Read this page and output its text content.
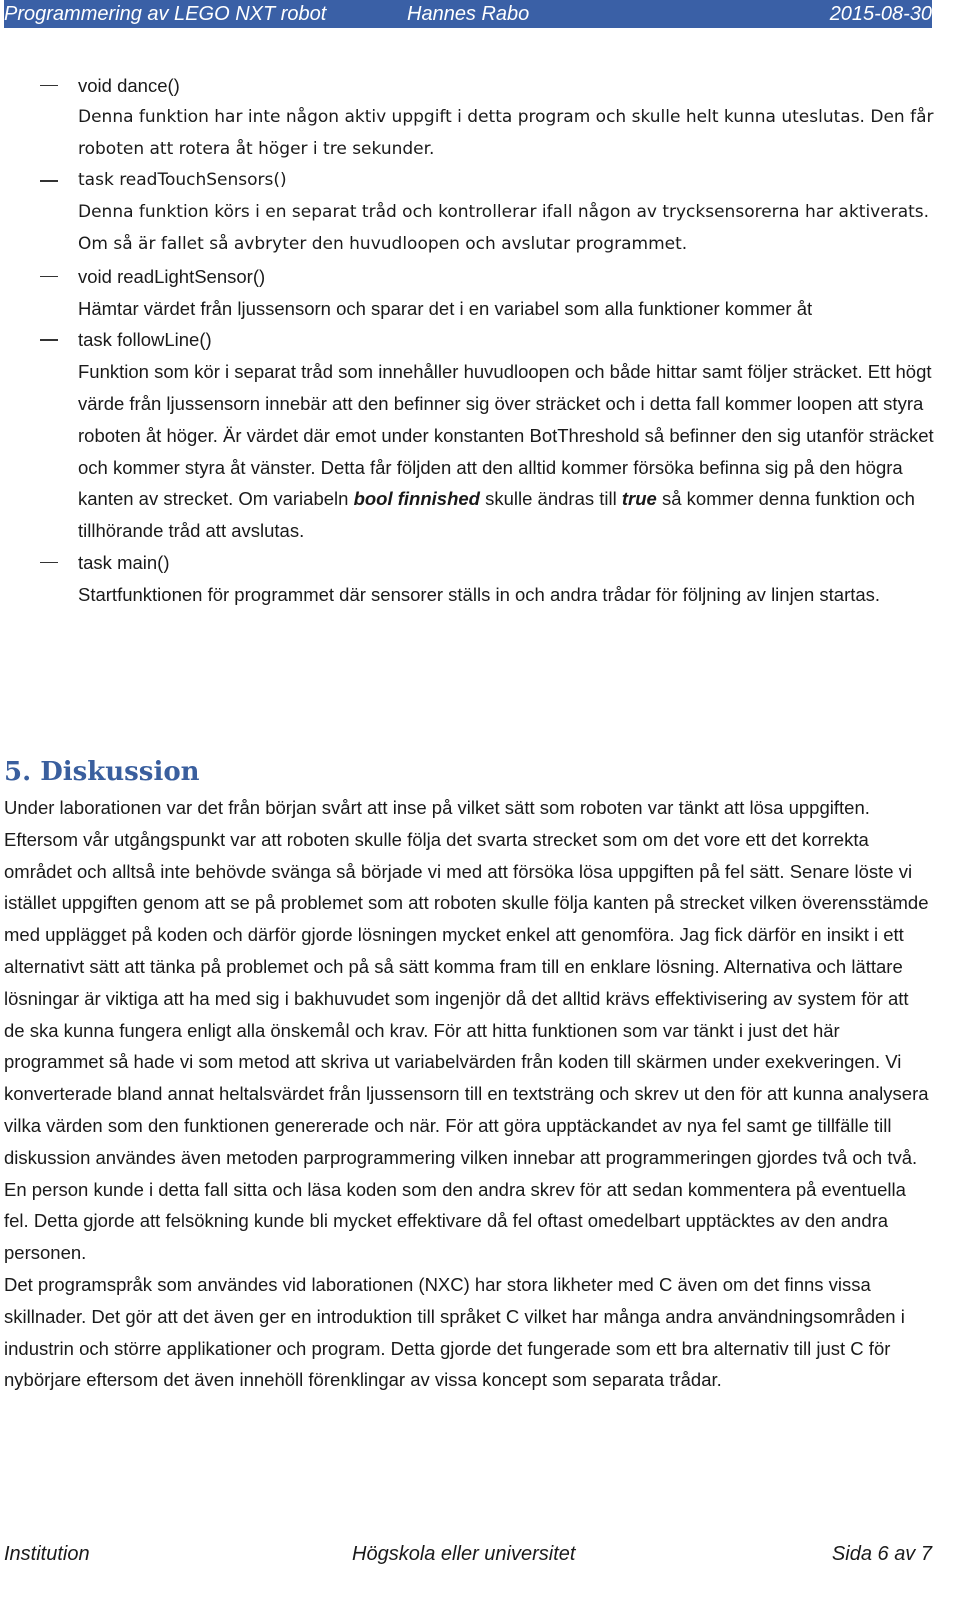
Programmering av LEGO NXT robot	Hannes Rabo	2015-08-30
void dance()
Denna funktion har inte någon aktiv uppgift i detta program och skulle helt kunna uteslutas. Den får roboten att rotera åt höger i tre sekunder.
task readTouchSensors()
Denna funktion körs i en separat tråd och kontrollerar ifall någon av trycksensorerna har aktiverats. Om så är fallet så avbryter den huvudloopen och avslutar programmet.
void readLightSensor()
Hämtar värdet från ljussensorn och sparar det i en variabel som alla funktioner kommer åt
task followLine()
Funktion som kör i separat tråd som innehåller huvudloopen och både hittar samt följer sträcket. Ett högt värde från ljussensorn innebär att den befinner sig över sträcket och i detta fall kommer loopen att styra roboten åt höger. Är värdet där emot under konstanten BotThreshold så befinner den sig utanför sträcket och kommer styra åt vänster. Detta får följden att den alltid kommer försöka befinna sig på den högra kanten av strecket. Om variabeln bool finnished skulle ändras till true så kommer denna funktion och tillhörande tråd att avslutas.
task main()
Startfunktionen för programmet där sensorer ställs in och andra trådar för följning av linjen startas.
5. Diskussion

Under laborationen var det från början svårt att inse på vilket sätt som roboten var tänkt att lösa uppgiften. Eftersom vår utgångspunkt var att roboten skulle följa det svarta strecket som om det vore ett det korrekta området och alltså inte behövde svänga så började vi med att försöka lösa uppgiften på fel sätt. Senare löste vi istället uppgiften genom att se på problemet som att roboten skulle följa kanten på strecket vilken överensstämde med upplägget på koden och därför gjorde lösningen mycket enkel att genomföra. Jag fick därför en insikt i ett alternativt sätt att tänka på problemet och på så sätt komma fram till en enklare lösning. Alternativa och lättare lösningar är viktiga att ha med sig i bakhuvudet som ingenjör då det alltid krävs effektivisering av system för att de ska kunna fungera enligt alla önskemål och krav. För att hitta funktionen som var tänkt i just det här programmet så hade vi som metod att skriva ut variabelvärden från koden till skärmen under exekveringen. Vi konverterade bland annat heltalsvärdet från ljussensorn till en textsträng och skrev ut den för att kunna analysera vilka värden som den funktionen genererade och när. För att göra upptäckandet av nya fel samt ge tillfälle till diskussion användes även metoden parprogrammering vilken innebar att programmeringen gjordes två och två. En person kunde i detta fall sitta och läsa koden som den andra skrev för att sedan kommentera på eventuella fel. Detta gjorde att felsökning kunde bli mycket effektivare då fel oftast omedelbart upptäcktes av den andra personen.

Det programspråk som användes vid laborationen (NXC) har stora likheter med C även om det finns vissa skillnader. Det gör att det även ger en introduktion till språket C vilket har många andra användningsområden i industrin och större applikationer och program. Detta gjorde det fungerade som ett bra alternativ till just C för nybörjare eftersom det även innehöll förenklingar av vissa koncept som separata trådar.

Institution	Högskola eller universitet	Sida 6 av 7
